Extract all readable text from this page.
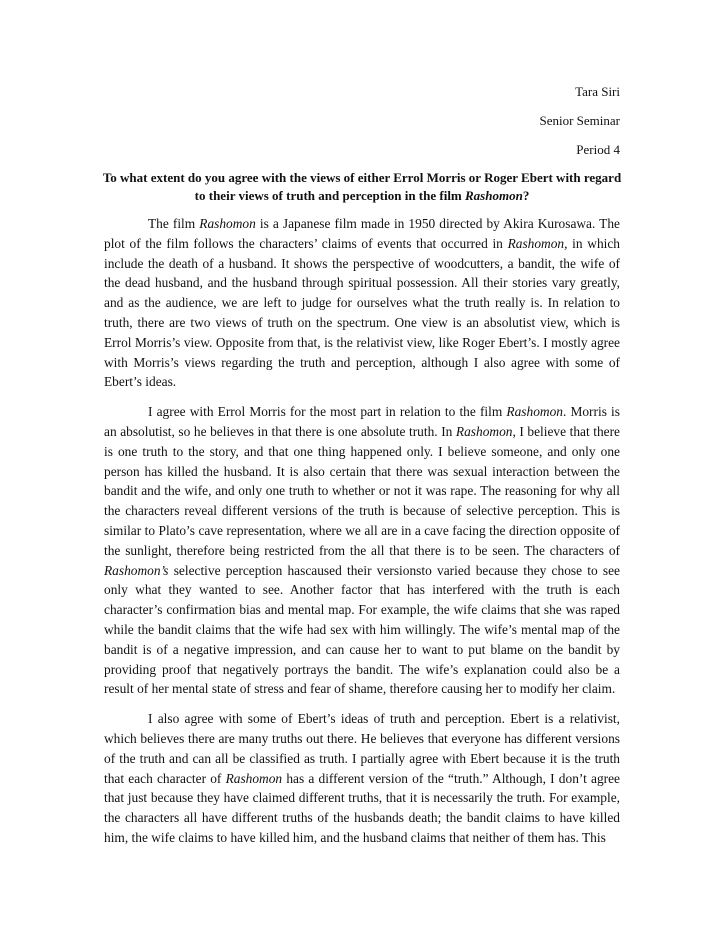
Tara Siri
Senior Seminar
Period 4
To what extent do you agree with the views of either Errol Morris or Roger Ebert with regard to their views of truth and perception in the film Rashomon?

The film Rashomon is a Japanese film made in 1950 directed by Akira Kurosawa. The plot of the film follows the characters’ claims of events that occurred in Rashomon, in which include the death of a husband. It shows the perspective of woodcutters, a bandit, the wife of the dead husband, and the husband through spiritual possession. All their stories vary greatly, and as the audience, we are left to judge for ourselves what the truth really is. In relation to truth, there are two views of truth on the spectrum. One view is an absolutist view, which is Errol Morris’s view. Opposite from that, is the relativist view, like Roger Ebert’s. I mostly agree with Morris’s views regarding the truth and perception, although I also agree with some of Ebert’s ideas.

I agree with Errol Morris for the most part in relation to the film Rashomon. Morris is an absolutist, so he believes in that there is one absolute truth. In Rashomon, I believe that there is one truth to the story, and that one thing happened only. I believe someone, and only one person has killed the husband. It is also certain that there was sexual interaction between the bandit and the wife, and only one truth to whether or not it was rape. The reasoning for why all the characters reveal different versions of the truth is because of selective perception. This is similar to Plato’s cave representation, where we all are in a cave facing the direction opposite of the sunlight, therefore being restricted from the all that there is to be seen. The characters of Rashomon’s selective perception hascaused their versionsto varied because they chose to see only what they wanted to see. Another factor that has interfered with the truth is each character’s confirmation bias and mental map. For example, the wife claims that she was raped while the bandit claims that the wife had sex with him willingly. The wife’s mental map of the bandit is of a negative impression, and can cause her to want to put blame on the bandit by providing proof that negatively portrays the bandit. The wife’s explanation could also be a result of her mental state of stress and fear of shame, therefore causing her to modify her claim.

I also agree with some of Ebert’s ideas of truth and perception. Ebert is a relativist, which believes there are many truths out there. He believes that everyone has different versions of the truth and can all be classified as truth. I partially agree with Ebert because it is the truth that each character of Rashomon has a different version of the “truth.” Although, I don’t agree that just because they have claimed different truths, that it is necessarily the truth. For example, the characters all have different truths of the husbands death; the bandit claims to have killed him, the wife claims to have killed him, and the husband claims that neither of them has. This
